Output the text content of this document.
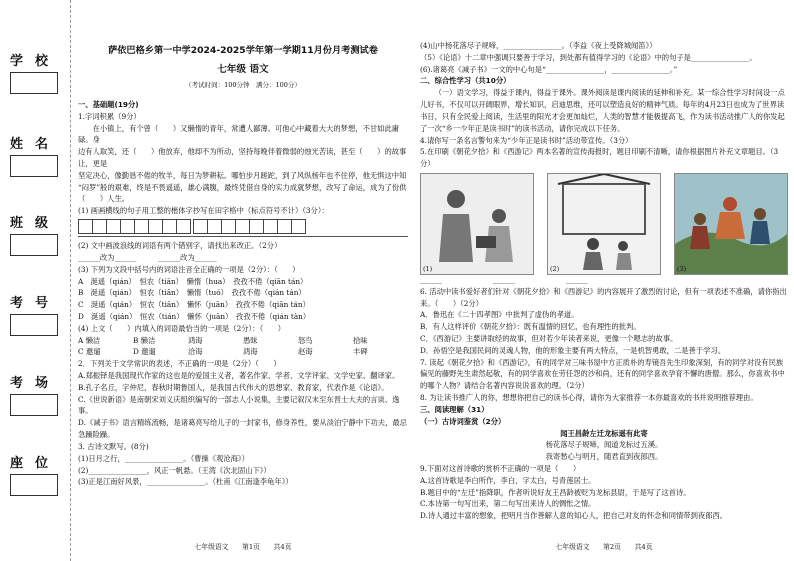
学校
姓名
班级
考号
考场
座位
萨依巴格乡第一中学2024-2025学年第一学期11月份月考测试卷
七年级 语文
（考试时间：100分钟　满分：100分）
一、基础题(19分)
1.字词积累（9分）
在小镇上，有个曾（　　）又懒惰的青年，常遭人鄙薄。可他心中藏着大大的梦想，不甘如此庸碌。身
边有人取笑，还（　　）他放弃，他却不为所动，坚持每晚伴着微弱的烛光苦读，甚至（　　）的故事让，更是
坚定决心，像勤恳不倦的牧羊，每日为梦耕耘。哪怕步月蹉跎，到了风纵杨年也不住停，他无惧这中知
“闷罗”般的艰难，终是不畏遥遥，雄心满腹，最终凭借自身的实力成就梦想，改写了命运，成为了份供（　　）人生。
(1) 画画横线的句子用工整的楷体字抄写在田字格中（标点符号不计）（3分）：
(2) 文中画波浪线的词语有两个错别字，请找出来改正。（2分）
______改为______　　　______改为______
(3) 下列为文段中括号内的词语注音全正确的一项是（2分）：（　　）
A　涎遥（qián）　恒农（tiān）　懒惰（hua）　孜孜不倦（qiān tán）
B　涎遥（qián）　恒农（tiān）　懒惰（tuó）　孜孜不倦（qián tán）
C　涎遥（qián）　恒农（tiān）　懒怀（juān）　孜孜不倦（qiān tán）
D　涎遥（qián）　恒农（tián）　懒怀（juān）　孜孜不倦（qián tàn）
(4) 上文（　　）内填入的词语最恰当的一项是（2分）：（　　）
A 懒洁	B 懒洁	鸿诲	愚昧	怒鸟	拾味
C 邀遛	D 邀遛	洽诲	鸿诲	赵诲	丰碑
2．下列关于文学常识的表述，不正确的一项是（2分）（　　）
A.郑振铎是我国现代作家的这也是的爱国主义者，著名作家、学者、文学评家、文学史家、翻译家。
B.孔子名丘，字仲尼，春秋时期鲁国人，是我国古代伟大的思想家、教育家，代表作是《论语》。
C.《世说新语》是南朝宋刘义庆组织编写的一部志人小说集，主要记叙汉末至东晋士大夫的言谈、逸事。
D.《减子书》语言精练流畅，是诸葛亮写给儿子的一封家书，修身养性，要从淡泊宁静中下功夫，最忌急躁险躁。
3. 古诗文默写。(8分)
(1)日月之行，________________。（曹操《观沧海》）
(2)________________，风正一帆悬。（王湾《次北固山下》）
(3)正是江南好风景，________________。（杜甫《江南逢李龟年》）
七年级语文　　第1页　　共4页
(4)山中杨花落尽子规啼，________________。（李益《夜上受降城闻笛》）
（5）《论语》十二章中强调只要善于学习，到处都有值得学习的《论语》中的句子是________________。
(6).诸葛亮《减子书》一文的中心句是“________________，________________。”
二、综合性学习（共10分）
（一）语文学习，得益于课内，得益于课外。课外阅读是课内阅读的延伸和补充。某一综合性学习时间设一点儿好书，不仅可以开阔眼界，增长知识，启迪思维，还可以塑造良好的精神气质。每年的4月23日也成为了世界读书日，只有全民爱上阅读，生活里的阳光才会更加灿烂，人类的智慧才能极提高飞，作为读书活动推广人的你发起了一次“乡一少年正是读书时”的读书活动，请你完成以下任务。
4.请你写一条名言警句来为“少年正是读书时”活动带宣传。（3分）
5.在印刷《朝花夕拾》和《西游记》两本名著的宣传海报时，题目印刷不清晰，请你根据图片补充文章题目。（3分）
(1)	(2)	(3)
______　　　　　　　______　　　　　　　______
6. 活动中读书爱好者们针对《朝花夕拾》和《西游记》的内容展开了激烈的讨论，但有一项表述不准确，请你指出来。（　　）（2分）
A．鲁迅在《二十四孝图》中批判了虚伪的孝道。
B．有人这样评价《朝花夕拾》：既有温情的回忆，也有理性的批判。
C．《西游记》主要讲取经的故事，但对若少年读者来说，更像一个嗯志的故事。
D．孙悟空是我国民间的灵魂人物，他的形象主要有两大特点，一是机智勇敢，二是善于学习。
7. 读起《朝花夕拾》和《西游记》，有的同学对三味书屋中方正质朴的寿镜吾先生印象深刻，有的同学对没有民族偏见的藤野先生肃然起敬，有的同学喜欢在劳任怨的沙和尚，还有的同学喜欢孕育不懈的唐僧。那么，你喜欢书中的哪个人物？请结合名著内容说说喜欢的理。（2分）
8. 为让读书推广人的你，想想你把自己的读书心得，请你为大家推荐一本你最喜欢的书并说明推荐理由。
三、阅读理解（31）
（一）古诗词鉴赏（2分）
闻王昌龄左迁龙标遥有此寄
杨花落尽子规啼，闻道龙标过五溪。
我寄愁心与明月，随君直到夜郎西。
9.下面对这首诗歌的赏析不正确的一项是（　　）
A.这首诗歌是李白所作，李白，字太白，号青莲居士。
B.题目中的“左迁”指降职，作者听说好友王昌龄被贬为龙标县尉，于是写了这首诗。
C.本诗第一句写出来，第二句写出来诗人的惆怅之情。
D.诗人通过丰富的想象，把明月当作善解人意的知心人，把自己对友的怀念和同情带到夜郎西。
七年级语文　　第2页　　共4页
